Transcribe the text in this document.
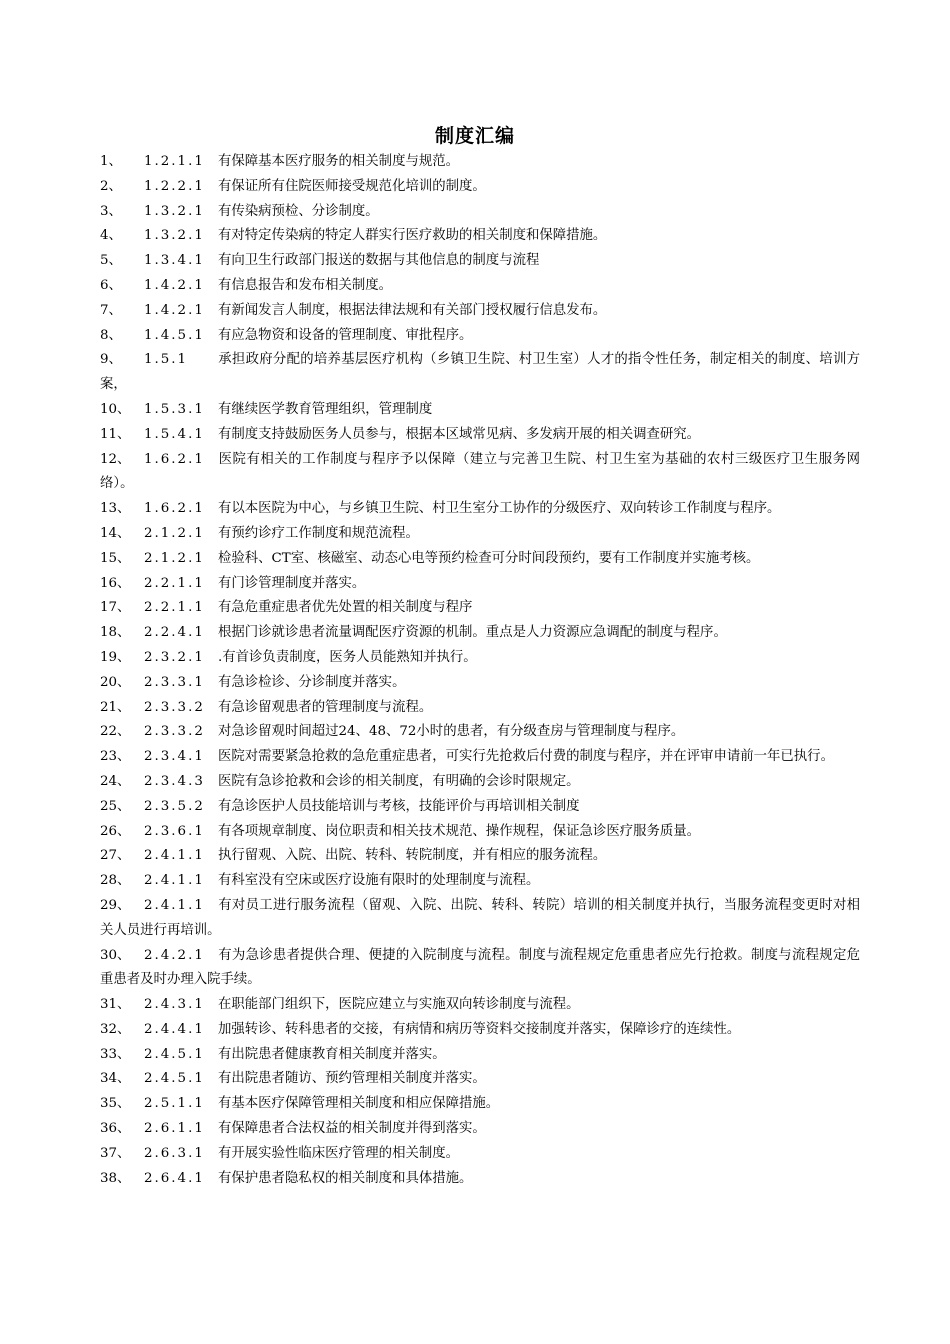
制度汇编
1、 1.2.1.1 有保障基本医疗服务的相关制度与规范。
2、 1.2.2.1 有保证所有住院医师接受规范化培训的制度。
3、 1.3.2.1 有传染病预检、分诊制度。
4、 1.3.2.1 有对特定传染病的特定人群实行医疗救助的相关制度和保障措施。
5、 1.3.4.1 有向卫生行政部门报送的数据与其他信息的制度与流程
6、 1.4.2.1 有信息报告和发布相关制度。
7、 1.4.2.1 有新闻发言人制度，根据法律法规和有关部门授权履行信息发布。
8、 1.4.5.1 有应急物资和设备的管理制度、审批程序。
9、 1.5.1 承担政府分配的培养基层医疗机构（乡镇卫生院、村卫生室）人才的指令性任务，制定相关的制度、培训方案，
10、 1.5.3.1 有继续医学教育管理组织，管理制度
11、 1.5.4.1 有制度支持鼓励医务人员参与，根据本区域常见病、多发病开展的相关调查研究。
12、 1.6.2.1 医院有相关的工作制度与程序予以保障（建立与完善卫生院、村卫生室为基础的农村三级医疗卫生服务网络）。
13、 1.6.2.1 有以本医院为中心，与乡镇卫生院、村卫生室分工协作的分级医疗、双向转诊工作制度与程序。
14、 2.1.2.1 有预约诊疗工作制度和规范流程。
15、 2.1.2.1 检验科、CT室、核磁室、动态心电等预约检查可分时间段预约，要有工作制度并实施考核。
16、 2.2.1.1 有门诊管理制度并落实。
17、 2.2.1.1 有急危重症患者优先处置的相关制度与程序
18、 2.2.4.1 根据门诊就诊患者流量调配医疗资源的机制。重点是人力资源应急调配的制度与程序。
19、 2.3.2.1 .有首诊负责制度，医务人员能熟知并执行。
20、 2.3.3.1 有急诊检诊、分诊制度并落实。
21、 2.3.3.2 有急诊留观患者的管理制度与流程。
22、 2.3.3.2 对急诊留观时间超过24、48、72小时的患者，有分级查房与管理制度与程序。
23、 2.3.4.1 医院对需要紧急抢救的急危重症患者，可实行先抢救后付费的制度与程序，并在评审申请前一年已执行。
24、 2.3.4.3 医院有急诊抢救和会诊的相关制度，有明确的会诊时限规定。
25、 2.3.5.2 有急诊医护人员技能培训与考核，技能评价与再培训相关制度
26、 2.3.6.1 有各项规章制度、岗位职责和相关技术规范、操作规程，保证急诊医疗服务质量。
27、 2.4.1.1 执行留观、入院、出院、转科、转院制度，并有相应的服务流程。
28、 2.4.1.1 有科室没有空床或医疗设施有限时的处理制度与流程。
29、 2.4.1.1 有对员工进行服务流程（留观、入院、出院、转科、转院）培训的相关制度并执行，当服务流程变更时对相关人员进行再培训。
30、 2.4.2.1 有为急诊患者提供合理、便捷的入院制度与流程。制度与流程规定危重患者应先行抢救。制度与流程规定危重患者及时办理入院手续。
31、 2.4.3.1 在职能部门组织下，医院应建立与实施双向转诊制度与流程。
32、 2.4.4.1 加强转诊、转科患者的交接，有病情和病历等资料交接制度并落实，保障诊疗的连续性。
33、 2.4.5.1 有出院患者健康教育相关制度并落实。
34、 2.4.5.1 有出院患者随访、预约管理相关制度并落实。
35、 2.5.1.1 有基本医疗保障管理相关制度和相应保障措施。
36、 2.6.1.1 有保障患者合法权益的相关制度并得到落实。
37、 2.6.3.1 有开展实验性临床医疗管理的相关制度。
38、 2.6.4.1 有保护患者隐私权的相关制度和具体措施。
